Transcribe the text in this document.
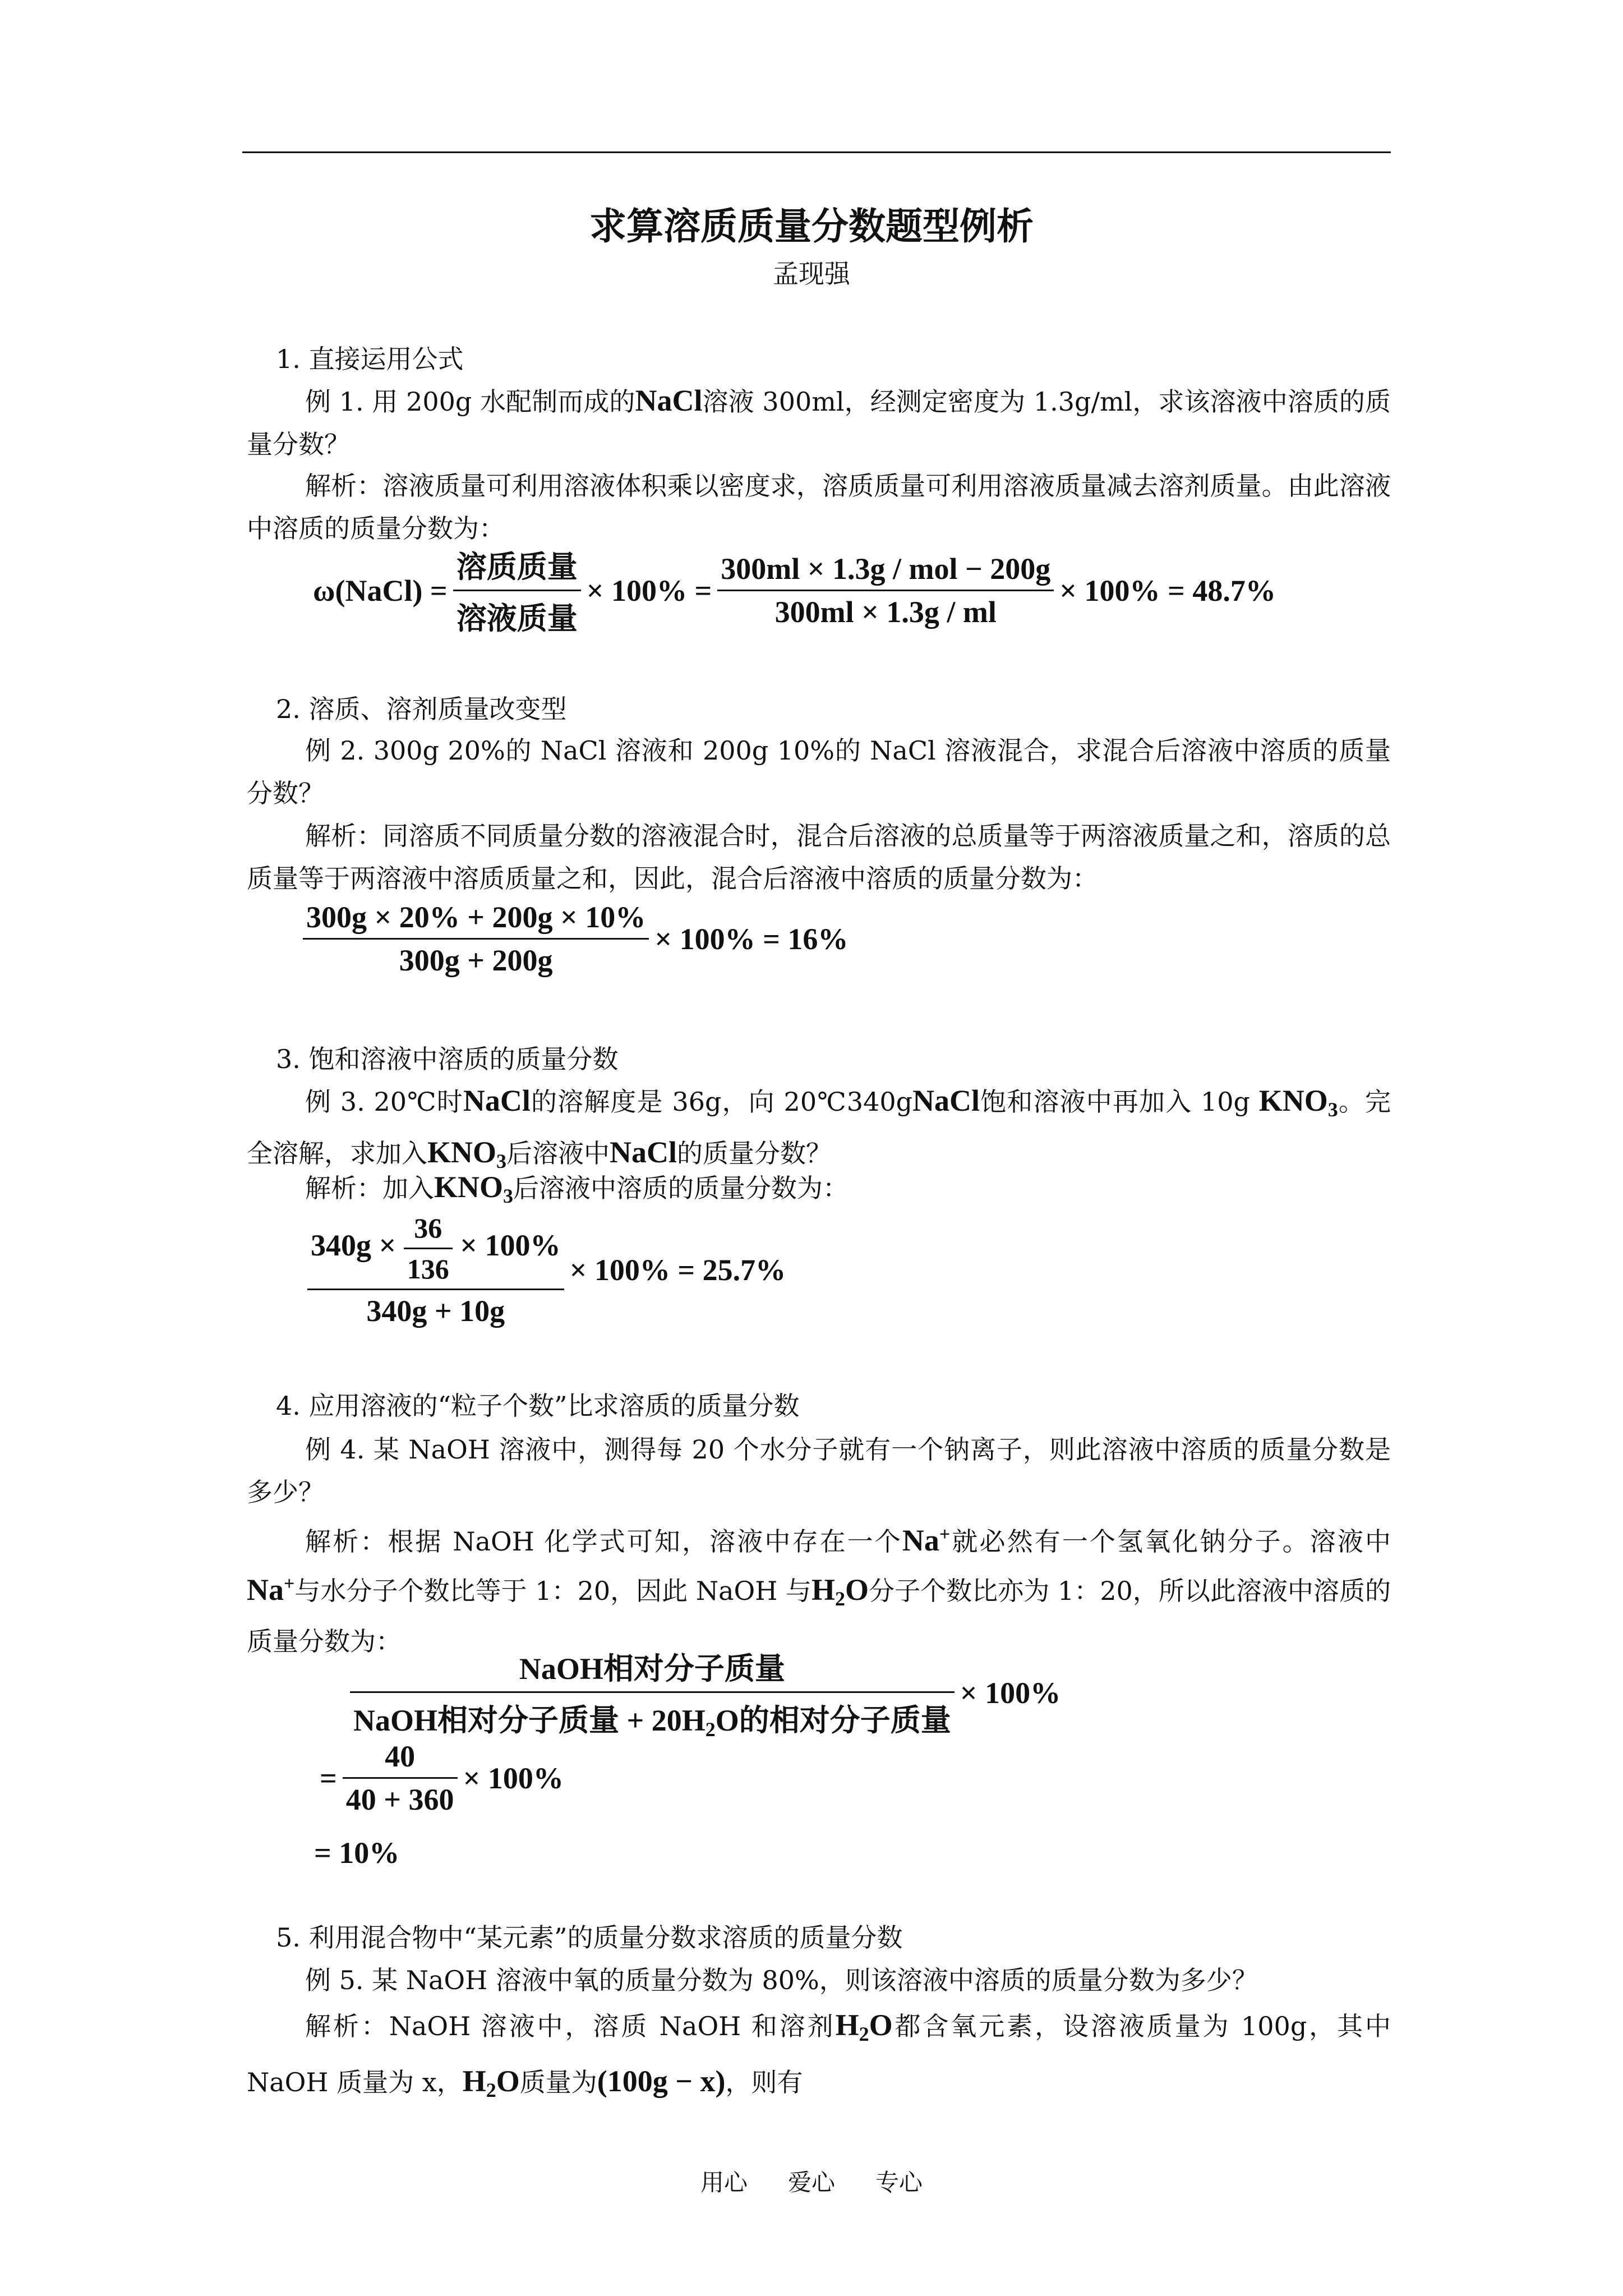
求算溶质质量分数题型例析
孟现强
1. 直接运用公式
例 1. 用 200g 水配制而成的NaCl溶液 300ml，经测定密度为 1.3g/ml，求该溶液中溶质的质量分数？
解析：溶液质量可利用溶液体积乘以密度求，溶质质量可利用溶液质量减去溶剂质量。由此溶液中溶质的质量分数为：
ω(NaCl) = $\frac{\text{溶质质量}}{\text{溶液质量}} \times 100\% = \frac{\text{300ml × 1.3g / mol − 200g}}{300ml \times 1.3g / ml} \times 100\% = 48.7\%$
2. 溶质、溶剂质量改变型
例 2. 300g 20%的 NaCl 溶液和 200g 10%的 NaCl 溶液混合，求混合后溶液中溶质的质量分数？
解析：同溶质不同质量分数的溶液混合时，混合后溶液的总质量等于两溶液质量之和，溶质的总质量等于两溶液中溶质质量之和，因此，混合后溶液中溶质的质量分数为：
$\frac{300g \times 20\% + 200g \times 10\%}{300g + 200g} \times 100\% = 16\%$
3. 饱和溶液中溶质的质量分数
例 3. 20℃时NaCl的溶解度是 36g，向 20℃340gNaCl饱和溶液中再加入 10g $KNO_3$。完全溶解，求加入$KNO_3$后溶液中NaCl的质量分数？
解析：加入$KNO_3$后溶液中溶质的质量分数为：
$\frac{340g \times \frac{36}{136} \times 100\%}{340g + 10g} \times 100\% = 25.7\%$
4. 应用溶液的“粒子个数”比求溶质的质量分数
例 4. 某 NaOH 溶液中，测得每 20 个水分子就有一个钠离子，则此溶液中溶质的质量分数是多少？
解析：根据 NaOH 化学式可知，溶液中存在一个Na+就必然有一个氢氧化钠分子。溶液中Na+与水分子个数比等于 1：20，因此 NaOH 与$H_2O$分子个数比亦为 1：20，所以此溶液中溶质的质量分数为：
$\frac{\text{NaOH相对分子质量}}{NaOH相对分子质量 + 20H_2O的相对分子质量} \times 100\%$
= $\frac{40}{40 + 360} \times 100\%$
= 10%
5. 利用混合物中“某元素”的质量分数求溶质的质量分数
例 5. 某 NaOH 溶液中氧的质量分数为 80%，则该溶液中溶质的质量分数为多少？
解析：NaOH 溶液中，溶质 NaOH 和溶剂$H_2O$都含氧元素，设溶液质量为 100g，其中 NaOH 质量为 x，$H_2O$质量为(100g − x)，则有
用心 爱心 专心
